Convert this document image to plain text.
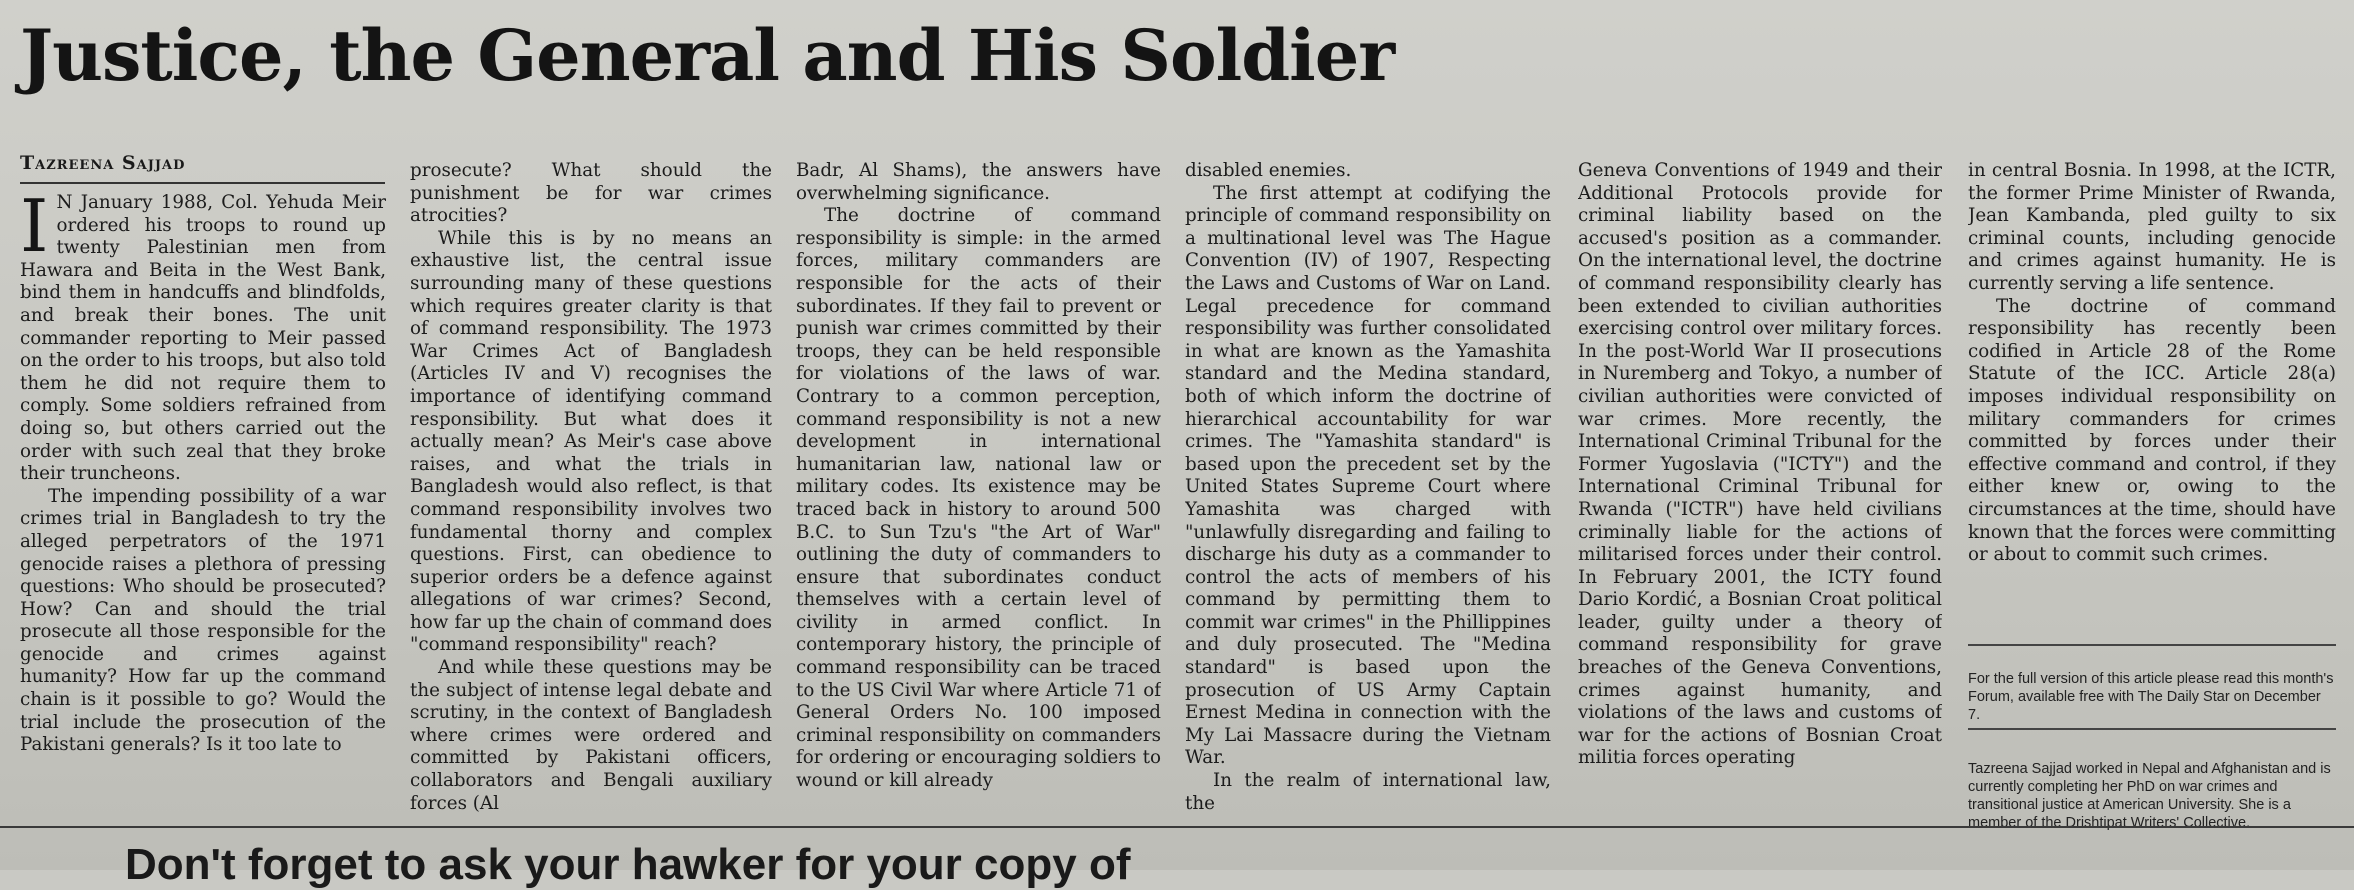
Justice, the General and His Soldier
Tazreena Sajjad

I N January 1988, Col. Yehuda Meir ordered his troops to round up twenty Palestinian men from Hawara and Beita in the West Bank, bind them in handcuffs and blindfolds, and break their bones. The unit commander reporting to Meir passed on the order to his troops, but also told them he did not require them to comply. Some soldiers refrained from doing so, but others carried out the order with such zeal that they broke their truncheons.

The impending possibility of a war crimes trial in Bangladesh to try the alleged perpetrators of the 1971 genocide raises a plethora of pressing questions: Who should be prosecuted? How? Can and should the trial prosecute all those responsible for the genocide and crimes against humanity? How far up the command chain is it possible to go? Would the trial include the prosecution of the Pakistani generals? Is it too late to

prosecute? What should the punishment be for war crimes atrocities?

While this is by no means an exhaustive list, the central issue surrounding many of these questions which requires greater clarity is that of command responsibility. The 1973 War Crimes Act of Bangladesh (Articles IV and V) recognises the importance of identifying command responsibility. But what does it actually mean? As Meir's case above raises, and what the trials in Bangladesh would also reflect, is that command responsibility involves two fundamental thorny and complex questions. First, can obedience to superior orders be a defence against allegations of war crimes? Second, how far up the chain of command does "command responsibility" reach?

And while these questions may be the subject of intense legal debate and scrutiny, in the context of Bangladesh where crimes were ordered and committed by Pakistani officers, collaborators and Bengali auxiliary forces (Al

Badr, Al Shams), the answers have overwhelming significance.

The doctrine of command responsibility is simple: in the armed forces, military commanders are responsible for the acts of their subordinates. If they fail to prevent or punish war crimes committed by their troops, they can be held responsible for violations of the laws of war. Contrary to a common perception, command responsibility is not a new development in international humanitarian law, national law or military codes. Its existence may be traced back in history to around 500 B.C. to Sun Tzu's "the Art of War" outlining the duty of commanders to ensure that subordinates conduct themselves with a certain level of civility in armed conflict. In contemporary history, the principle of command responsibility can be traced to the US Civil War where Article 71 of General Orders No. 100 imposed criminal responsibility on commanders for ordering or encouraging soldiers to wound or kill already

disabled enemies.

The first attempt at codifying the principle of command responsibility on a multinational level was The Hague Convention (IV) of 1907, Respecting the Laws and Customs of War on Land. Legal precedence for command responsibility was further consolidated in what are known as the Yamashita standard and the Medina standard, both of which inform the doctrine of hierarchical accountability for war crimes. The "Yamashita standard" is based upon the precedent set by the United States Supreme Court where Yamashita was charged with "unlawfully disregarding and failing to discharge his duty as a commander to control the acts of members of his command by permitting them to commit war crimes" in the Phillippines and duly prosecuted. The "Medina standard" is based upon the prosecution of US Army Captain Ernest Medina in connection with the My Lai Massacre during the Vietnam War.

In the realm of international law, the

Geneva Conventions of 1949 and their Additional Protocols provide for criminal liability based on the accused's position as a commander. On the international level, the doctrine of command responsibility clearly has been extended to civilian authorities exercising control over military forces. In the post-World War II prosecutions in Nuremberg and Tokyo, a number of civilian authorities were convicted of war crimes. More recently, the International Criminal Tribunal for the Former Yugoslavia ("ICTY") and the International Criminal Tribunal for Rwanda ("ICTR") have held civilians criminally liable for the actions of militarised forces under their control. In February 2001, the ICTY found Dario Kordić, a Bosnian Croat political leader, guilty under a theory of command responsibility for grave breaches of the Geneva Conventions, crimes against humanity, and violations of the laws and customs of war for the actions of Bosnian Croat militia forces operating

in central Bosnia. In 1998, at the ICTR, the former Prime Minister of Rwanda, Jean Kambanda, pled guilty to six criminal counts, including genocide and crimes against humanity. He is currently serving a life sentence.

The doctrine of command responsibility has recently been codified in Article 28 of the Rome Statute of the ICC. Article 28(a) imposes individual responsibility on military commanders for crimes committed by forces under their effective command and control, if they either knew or, owing to the circumstances at the time, should have known that the forces were committing or about to commit such crimes.

For the full version of this article please read this month's Forum, available free with The Daily Star on December 7.
Tazreena Sajjad worked in Nepal and Afghanistan and is currently completing her PhD on war crimes and transitional justice at American University. She is a member of the Drishtipat Writers' Collective.
Don't forget to ask your hawker for your copy of
